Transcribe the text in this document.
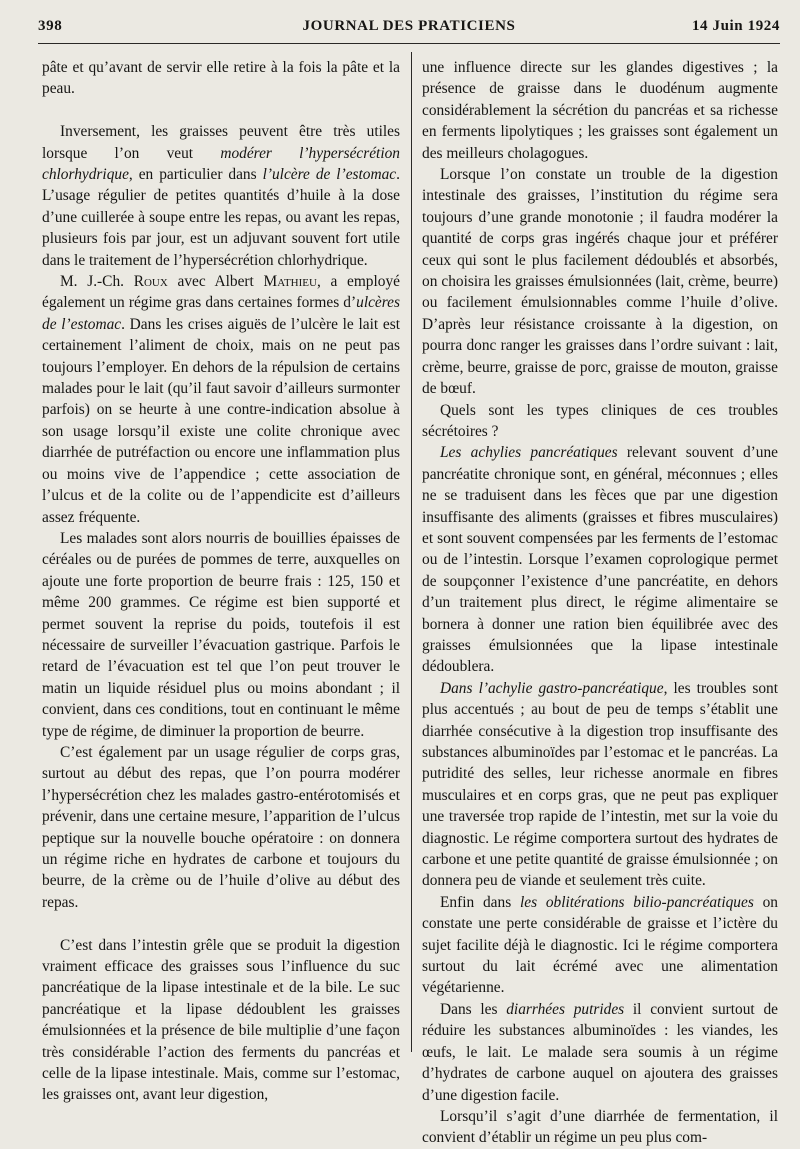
398	JOURNAL DES PRATICIENS	14 Juin 1924

pâte et qu’avant de servir elle retire à la fois la pâte et la peau.

Inversement, les graisses peuvent être très utiles lorsque l’on veut modérer l’hypersécrétion chlorhydrique, en particulier dans l’ulcère de l’estomac. L’usage régulier de petites quantités d’huile à la dose d’une cuillerée à soupe entre les repas, ou avant les repas, plusieurs fois par jour, est un adjuvant souvent fort utile dans le traitement de l’hypersécrétion chlorhydrique.

M. J.-Ch. Roux avec Albert Mathieu, a employé également un régime gras dans certaines formes d’ulcères de l’estomac. Dans les crises aiguës de l’ulcère le lait est certainement l’aliment de choix, mais on ne peut pas toujours l’employer. En dehors de la répulsion de certains malades pour le lait (qu’il faut savoir d’ailleurs surmonter parfois) on se heurte à une contre-indication absolue à son usage lorsqu’il existe une colite chronique avec diarrhée de putréfaction ou encore une inflammation plus ou moins vive de l’appendice ; cette association de l’ulcus et de la colite ou de l’appendicite est d’ailleurs assez fréquente.

Les malades sont alors nourris de bouillies épaisses de céréales ou de purées de pommes de terre, auxquelles on ajoute une forte proportion de beurre frais : 125, 150 et même 200 grammes. Ce régime est bien supporté et permet souvent la reprise du poids, toutefois il est nécessaire de surveiller l’évacuation gastrique. Parfois le retard de l’évacuation est tel que l’on peut trouver le matin un liquide résiduel plus ou moins abondant ; il convient, dans ces conditions, tout en continuant le même type de régime, de diminuer la proportion de beurre.

C’est également par un usage régulier de corps gras, surtout au début des repas, que l’on pourra modérer l’hypersécrétion chez les malades gastro-entérotomisés et prévenir, dans une certaine mesure, l’apparition de l’ulcus peptique sur la nouvelle bouche opératoire : on donnera un régime riche en hydrates de carbone et toujours du beurre, de la crème ou de l’huile d’olive au début des repas.

C’est dans l’intestin grêle que se produit la digestion vraiment efficace des graisses sous l’influence du suc pancréatique de la lipase intestinale et de la bile. Le suc pancréatique et la lipase dédoublent les graisses émulsionnées et la présence de bile multiplie d’une façon très considérable l’action des ferments du pancréas et celle de la lipase intestinale. Mais, comme sur l’estomac, les graisses ont, avant leur digestion,

une influence directe sur les glandes digestives ; la présence de graisse dans le duodénum augmente considérablement la sécrétion du pancréas et sa richesse en ferments lipolytiques ; les graisses sont également un des meilleurs cholagogues.

Lorsque l’on constate un trouble de la digestion intestinale des graisses, l’institution du régime sera toujours d’une grande monotonie ; il faudra modérer la quantité de corps gras ingérés chaque jour et préférer ceux qui sont le plus facilement dédoublés et absorbés, on choisira les graisses émulsionnées (lait, crème, beurre) ou facilement émulsionnables comme l’huile d’olive. D’après leur résistance croissante à la digestion, on pourra donc ranger les graisses dans l’ordre suivant : lait, crème, beurre, graisse de porc, graisse de mouton, graisse de bœuf.

Quels sont les types cliniques de ces troubles sécrétoires ?

Les achylies pancréatiques relevant souvent d’une pancréatite chronique sont, en général, méconnues ; elles ne se traduisent dans les fèces que par une digestion insuffisante des aliments (graisses et fibres musculaires) et sont souvent compensées par les ferments de l’estomac ou de l’intestin. Lorsque l’examen coprologique permet de soupçonner l’existence d’une pancréatite, en dehors d’un traitement plus direct, le régime alimentaire se bornera à donner une ration bien équilibrée avec des graisses émulsionnées que la lipase intestinale dédoublera.

Dans l’achylie gastro-pancréatique, les troubles sont plus accentués ; au bout de peu de temps s’établit une diarrhée consécutive à la digestion trop insuffisante des substances albuminoïdes par l’estomac et le pancréas. La putridité des selles, leur richesse anormale en fibres musculaires et en corps gras, que ne peut pas expliquer une traversée trop rapide de l’intestin, met sur la voie du diagnostic. Le régime comportera surtout des hydrates de carbone et une petite quantité de graisse émulsionnée ; on donnera peu de viande et seulement très cuite.

Enfin dans les oblitérations bilio-pancréatiques on constate une perte considérable de graisse et l’ictère du sujet facilite déjà le diagnostic. Ici le régime comportera surtout du lait écrémé avec une alimentation végétarienne.

Dans les diarrhées putrides il convient surtout de réduire les substances albuminoïdes : les viandes, les œufs, le lait. Le malade sera soumis à un régime d’hydrates de carbone auquel on ajoutera des graisses d’une digestion facile.

Lorsqu’il s’agit d’une diarrhée de fermentation, il convient d’établir un régime un peu plus com-
